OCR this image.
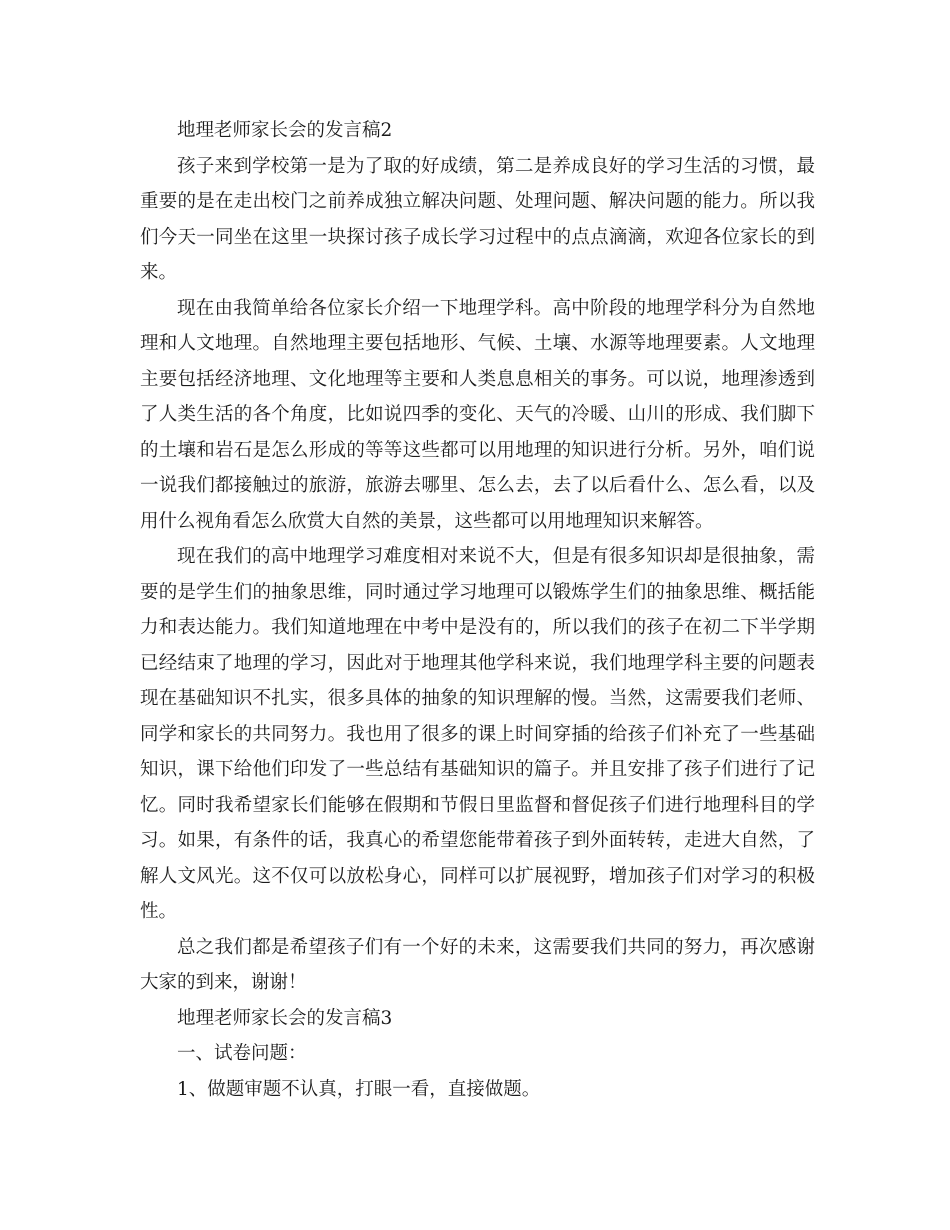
地理老师家长会的发言稿2

孩子来到学校第一是为了取的好成绩，第二是养成良好的学习生活的习惯，最重要的是在走出校门之前养成独立解决问题、处理问题、解决问题的能力。所以我们今天一同坐在这里一块探讨孩子成长学习过程中的点点滴滴，欢迎各位家长的到来。

现在由我简单给各位家长介绍一下地理学科。高中阶段的地理学科分为自然地理和人文地理。自然地理主要包括地形、气候、土壤、水源等地理要素。人文地理主要包括经济地理、文化地理等主要和人类息息相关的事务。可以说，地理渗透到了人类生活的各个角度，比如说四季的变化、天气的冷暖、山川的形成、我们脚下的土壤和岩石是怎么形成的等等这些都可以用地理的知识进行分析。另外，咱们说一说我们都接触过的旅游，旅游去哪里、怎么去，去了以后看什么、怎么看，以及用什么视角看怎么欣赏大自然的美景，这些都可以用地理知识来解答。

现在我们的高中地理学习难度相对来说不大，但是有很多知识却是很抽象，需要的是学生们的抽象思维，同时通过学习地理可以锻炼学生们的抽象思维、概括能力和表达能力。我们知道地理在中考中是没有的，所以我们的孩子在初二下半学期已经结束了地理的学习，因此对于地理其他学科来说，我们地理学科主要的问题表现在基础知识不扎实，很多具体的抽象的知识理解的慢。当然，这需要我们老师、同学和家长的共同努力。我也用了很多的课上时间穿插的给孩子们补充了一些基础知识，课下给他们印发了一些总结有基础知识的篇子。并且安排了孩子们进行了记忆。同时我希望家长们能够在假期和节假日里监督和督促孩子们进行地理科目的学习。如果，有条件的话，我真心的希望您能带着孩子到外面转转，走进大自然，了解人文风光。这不仅可以放松身心，同样可以扩展视野，增加孩子们对学习的积极性。

总之我们都是希望孩子们有一个好的未来，这需要我们共同的努力，再次感谢大家的到来，谢谢！

地理老师家长会的发言稿3

一、试卷问题：

1、做题审题不认真，打眼一看，直接做题。
